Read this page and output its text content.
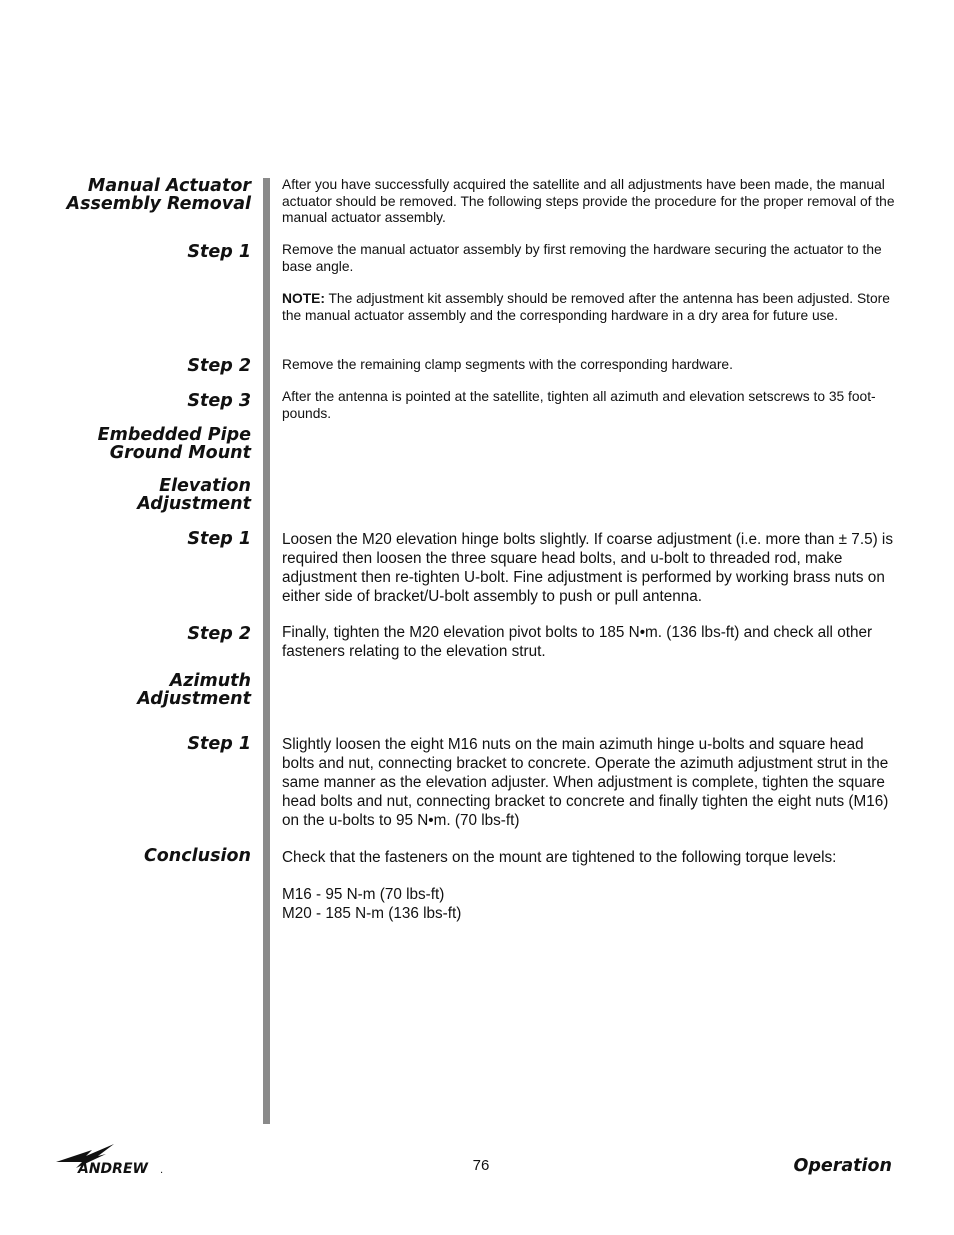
Manual Actuator
Assembly Removal
Step 1
Step 2
Step 3
Embedded Pipe
Ground Mount
Elevation
Adjustment
Step 1
Step 2
Azimuth
Adjustment
Step 1
Conclusion
After you have successfully acquired the satellite and all adjustments have been made, the manual actuator should be removed. The following steps provide the procedure for the proper removal of the manual actuator assembly.
Remove the manual actuator assembly by first removing the hardware securing the actuator to the base angle.
NOTE: The adjustment kit assembly should be removed after the antenna has been adjusted. Store the manual actuator assembly and the corresponding hardware in a dry area for future use.
Remove the remaining clamp segments with the corresponding hardware.
After the antenna is pointed at the satellite, tighten all azimuth and elevation setscrews to 35 foot-pounds.
Loosen the M20 elevation hinge bolts slightly. If coarse adjustment (i.e. more than ± 7.5) is required then loosen the three square head bolts, and u-bolt to threaded rod, make adjustment then re-tighten U-bolt. Fine adjustment is performed by working brass nuts on either side of bracket/U-bolt assembly to push or pull antenna.
Finally, tighten the M20 elevation pivot bolts to 185 N•m. (136 lbs-ft) and check all other fasteners relating to the elevation strut.
Slightly loosen the eight M16 nuts on the main azimuth hinge u-bolts and square head bolts and nut, connecting bracket to concrete. Operate the azimuth adjustment strut in the same manner as the elevation adjuster. When adjustment is complete, tighten the square head bolts and nut, connecting bracket to concrete and finally tighten the eight nuts (M16) on the u-bolts to 95 N•m. (70 lbs-ft)
Check that the fasteners on the mount are tightened to the following torque levels:
M16 - 95 N-m (70 lbs-ft)
M20 - 185 N-m (136 lbs-ft)
ANDREW .	76	Operation
